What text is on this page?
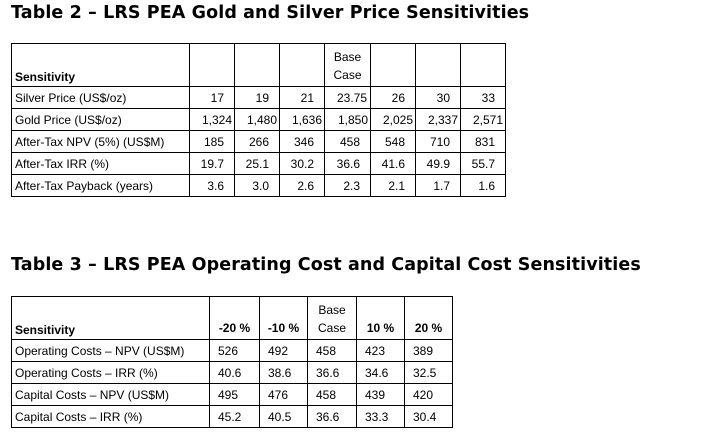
Table 2 – LRS PEA Gold and Silver Price Sensitivities
Sensitivity				Base Case			
Silver Price (US$/oz)	17	19	21	23.75	26	30	33
Gold Price (US$/oz)	1,324	1,480	1,636	1,850	2,025	2,337	2,571
After-Tax NPV (5%) (US$M)	185	266	346	458	548	710	831
After-Tax IRR (%)	19.7	25.1	30.2	36.6	41.6	49.9	55.7
After-Tax Payback (years)	3.6	3.0	2.6	2.3	2.1	1.7	1.6
Table 3 – LRS PEA Operating Cost and Capital Cost Sensitivities
Sensitivity	-20 %	-10 %	Base Case	10 %	20 %
Operating Costs – NPV (US$M)	526	492	458	423	389
Operating Costs – IRR (%)	40.6	38.6	36.6	34.6	32.5
Capital Costs – NPV (US$M)	495	476	458	439	420
Capital Costs – IRR (%)	45.2	40.5	36.6	33.3	30.4
